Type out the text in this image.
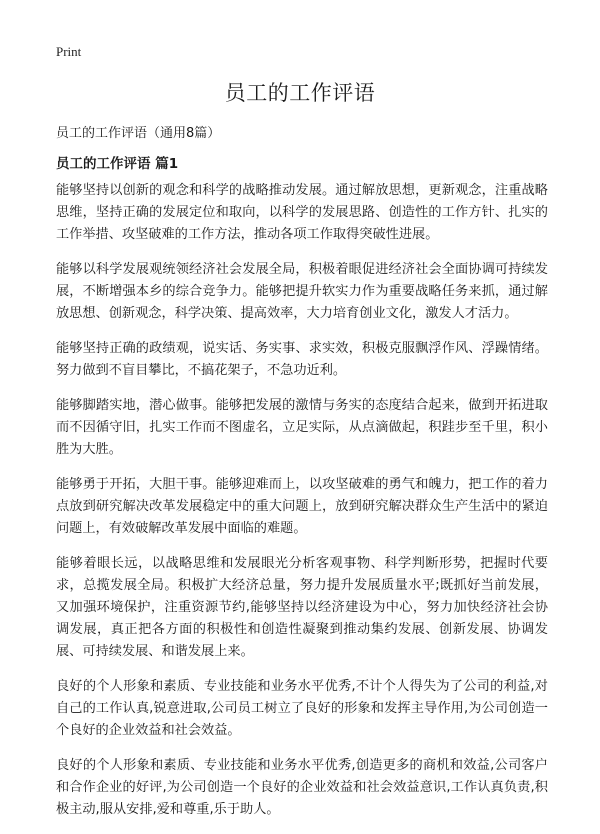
Print
员工的工作评语
员工的工作评语（通用8篇）
员工的工作评语 篇1

能够坚持以创新的观念和科学的战略推动发展。通过解放思想，更新观念，注重战略思维，坚持正确的发展定位和取向，以科学的发展思路、创造性的工作方针、扎实的工作举措、攻坚破难的工作方法，推动各项工作取得突破性进展。

能够以科学发展观统领经济社会发展全局，积极着眼促进经济社会全面协调可持续发展，不断增强本乡的综合竞争力。能够把提升软实力作为重要战略任务来抓，通过解放思想、创新观念，科学决策、提高效率，大力培育创业文化，激发人才活力。

能够坚持正确的政绩观，说实话、务实事、求实效，积极克服飘浮作风、浮躁情绪。努力做到不盲目攀比，不搞花架子，不急功近利。

能够脚踏实地，潜心做事。能够把发展的激情与务实的态度结合起来，做到开拓进取而不因循守旧，扎实工作而不图虚名，立足实际，从点滴做起，积跬步至千里，积小胜为大胜。

能够勇于开拓，大胆干事。能够迎难而上，以攻坚破难的勇气和魄力，把工作的着力点放到研究解决改革发展稳定中的重大问题上，放到研究解决群众生产生活中的紧迫问题上，有效破解改革发展中面临的难题。

能够着眼长远，以战略思维和发展眼光分析客观事物、科学判断形势，把握时代要求，总揽发展全局。积极扩大经济总量，努力提升发展质量水平;既抓好当前发展，又加强环境保护，注重资源节约,能够坚持以经济建设为中心，努力加快经济社会协调发展，真正把各方面的积极性和创造性凝聚到推动集约发展、创新发展、协调发展、可持续发展、和谐发展上来。

良好的个人形象和素质、专业技能和业务水平优秀,不计个人得失为了公司的利益,对自己的工作认真,锐意进取,公司员工树立了良好的形象和发挥主导作用,为公司创造一个良好的企业效益和社会效益。

良好的个人形象和素质、专业技能和业务水平优秀,创造更多的商机和效益,公司客户和合作企业的好评,为公司创造一个良好的企业效益和社会效益意识,工作认真负责,积极主动,服从安排,爱和尊重,乐于助人。
